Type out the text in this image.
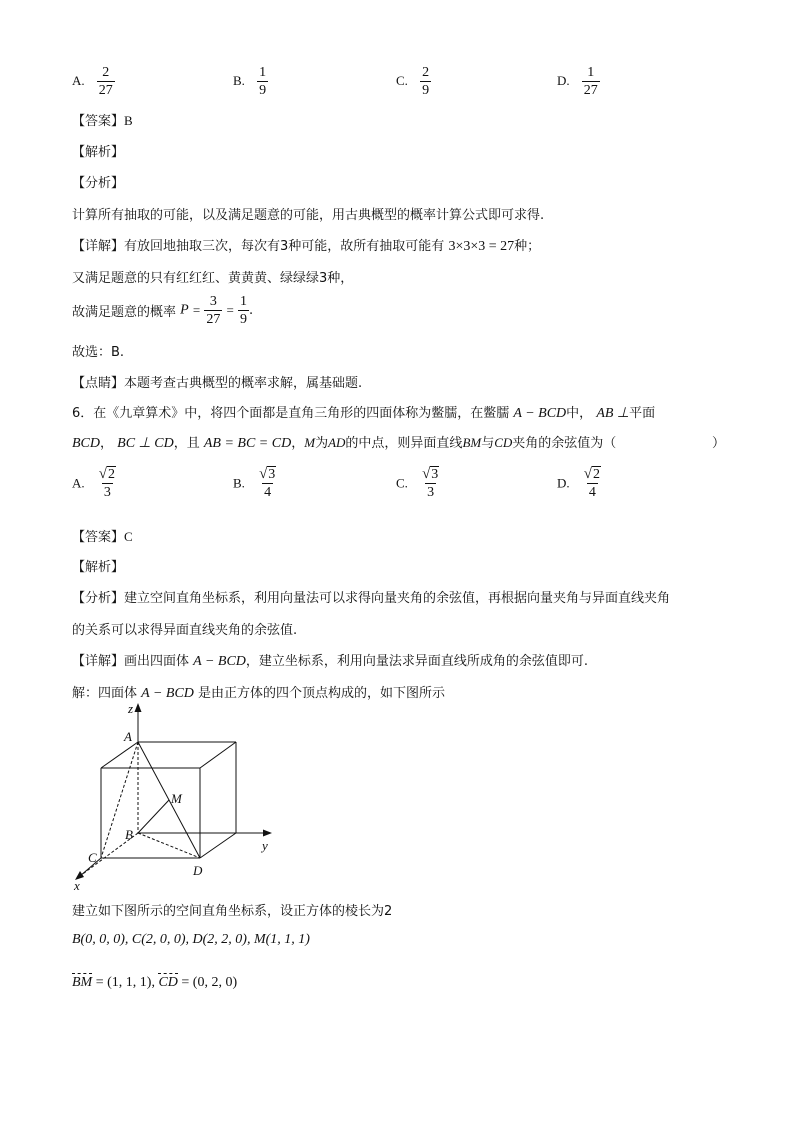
A. $\frac{2}{27}$	B. $\frac{1}{9}$	C. $\frac{2}{9}$	D. $\frac{1}{27}$
【答案】B
【解析】
【分析】
计算所有抽取的可能，以及满足题意的可能，用古典概型的概率计算公式即可求得.
【详解】有放回地抽取三次，每次有3种可能，故所有抽取可能有 3×3×3 = 27种；
又满足题意的只有红红红、黄黄黄、绿绿绿3种，
故满足题意的概率 $P = \frac{3}{27} = \frac{1}{9}$ .
故选：B.
【点睛】本题考查古典概型的概率求解，属基础题.
6．在《九章算术》中，将四个面都是直角三角形的四面体称为鳖臑，在鳖臑 A − BCD中， AB ⊥平面
BCD， BC ⊥ CD，且 AB = BC = CD，M为AD的中点，则异面直线BM与CD夹角的余弦值为（	）
A. $\frac{√ 2}{3}$	B. $\frac{√ 3}{4}$	C. $\frac{√ 3}{3}$	D. $\frac{√ 2}{4}$
【答案】C
【解析】
【分析】建立空间直角坐标系，利用向量法可以求得向量夹角的余弦值，再根据向量夹角与异面直线夹角
的关系可以求得异面直线夹角的余弦值.
【详解】画出四面体 A − BCD，建立坐标系，利用向量法求异面直线所成角的余弦值即可.
解：四面体 A − BCD 是由正方体的四个顶点构成的，如下图所示
z
A
M
B
y
C
D
x
建立如下图所示的空间直角坐标系，设正方体的棱长为2
B(0, 0, 0), C(2, 0, 0), D(2, 2, 0), M(1, 1, 1)
BM = (1, 1, 1), CD = (0, 2, 0)
